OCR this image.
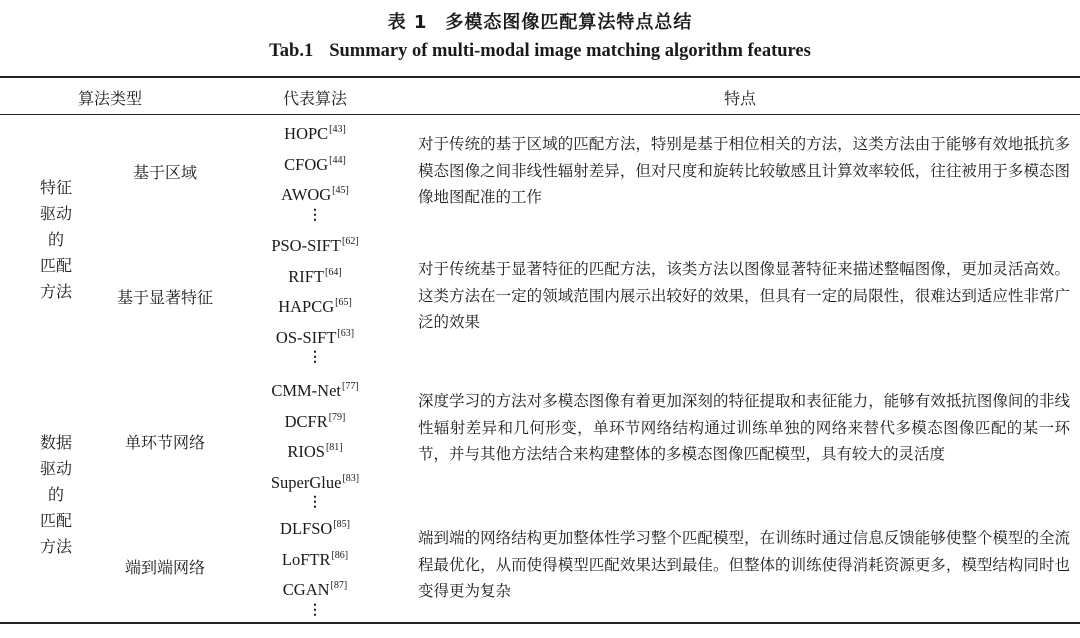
表 1 多模态图像匹配算法特点总结
Tab.1 Summary of multi-modal image matching algorithm features
算法类型	代表算法	特点
特征
驱动
的
匹配
方法
基于区域
HOPC[43]
CFOG[44]
AWOG[45]
⋮
对于传统的基于区域的匹配方法，特别是基于相位相关的方法，这类方法由于能够有效地抵抗多模态图像之间非线性辐射差异，但对尺度和旋转比较敏感且计算效率较低，往往被用于多模态图像地图配准的工作
基于显著特征
PSO-SIFT[62]
RIFT[64]
HAPCG[65]
OS-SIFT[63]
⋮
对于传统基于显著特征的匹配方法，该类方法以图像显著特征来描述整幅图像，更加灵活高效。这类方法在一定的领域范围内展示出较好的效果，但具有一定的局限性，很难达到适应性非常广泛的效果
数据
驱动
的
匹配
方法
单环节网络
CMM-Net[77]
DCFR[79]
RIOS[81]
SuperGlue[83]
⋮
深度学习的方法对多模态图像有着更加深刻的特征提取和表征能力，能够有效抵抗图像间的非线性辐射差异和几何形变，单环节网络结构通过训练单独的网络来替代多模态图像匹配的某一环节，并与其他方法结合来构建整体的多模态图像匹配模型，具有较大的灵活度
端到端网络
DLFSO[85]
LoFTR[86]
CGAN[87]
⋮
端到端的网络结构更加整体性学习整个匹配模型，在训练时通过信息反馈能够使整个模型的全流程最优化，从而使得模型匹配效果达到最佳。但整体的训练使得消耗资源更多，模型结构同时也变得更为复杂
